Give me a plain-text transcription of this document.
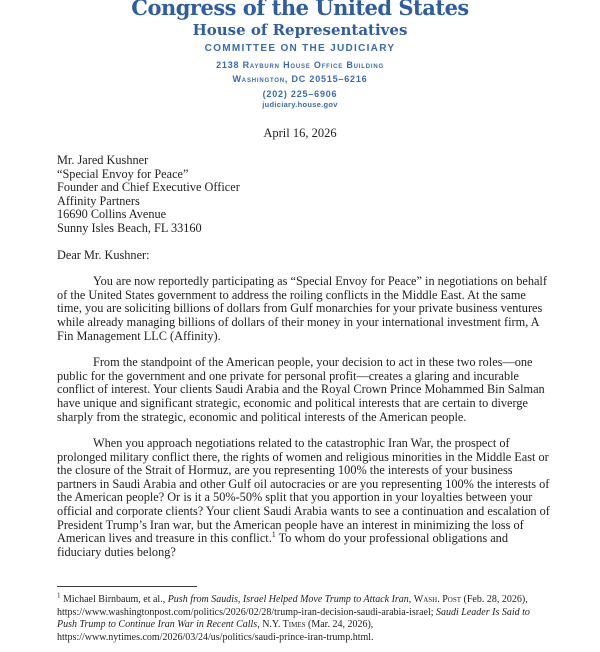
Congress of the United States
House of Representatives
COMMITTEE ON THE JUDICIARY
2138 Rayburn House Office Building
Washington, DC 20515–6216
(202) 225–6906
judiciary.house.gov
April 16, 2026
Mr. Jared Kushner
“Special Envoy for Peace”
Founder and Chief Executive Officer
Affinity Partners
16690 Collins Avenue
Sunny Isles Beach, FL 33160
Dear Mr. Kushner:

You are now reportedly participating as “Special Envoy for Peace” in negotiations on behalf of the United States government to address the roiling conflicts in the Middle East. At the same time, you are soliciting billions of dollars from Gulf monarchies for your private business ventures while already managing billions of dollars of their money in your international investment firm, A Fin Management LLC (Affinity).

From the standpoint of the American people, your decision to act in these two roles—one public for the government and one private for personal profit—creates a glaring and incurable conflict of interest. Your clients Saudi Arabia and the Royal Crown Prince Mohammed Bin Salman have unique and significant strategic, economic and political interests that are certain to diverge sharply from the strategic, economic and political interests of the American people.

When you approach negotiations related to the catastrophic Iran War, the prospect of prolonged military conflict there, the rights of women and religious minorities in the Middle East or the closure of the Strait of Hormuz, are you representing 100% the interests of your business partners in Saudi Arabia and other Gulf oil autocracies or are you representing 100% the interests of the American people? Or is it a 50%-50% split that you apportion in your loyalties between your official and corporate clients? Your client Saudi Arabia wants to see a continuation and escalation of President Trump’s Iran war, but the American people have an interest in minimizing the loss of American lives and treasure in this conflict.$^1$ To whom do your professional obligations and fiduciary duties belong?

$^1$ Michael Birnbaum, et al., Push from Saudis, Israel Helped Move Trump to Attack Iran, Wash. Post (Feb. 28, 2026), https://www.washingtonpost.com/politics/2026/02/28/trump-iran-decision-saudi-arabia-israel; Saudi Leader Is Said to Push Trump to Continue Iran War in Recent Calls, N.Y. Times (Mar. 24, 2026), https://www.nytimes.com/2026/03/24/us/politics/saudi-prince-iran-trump.html.
